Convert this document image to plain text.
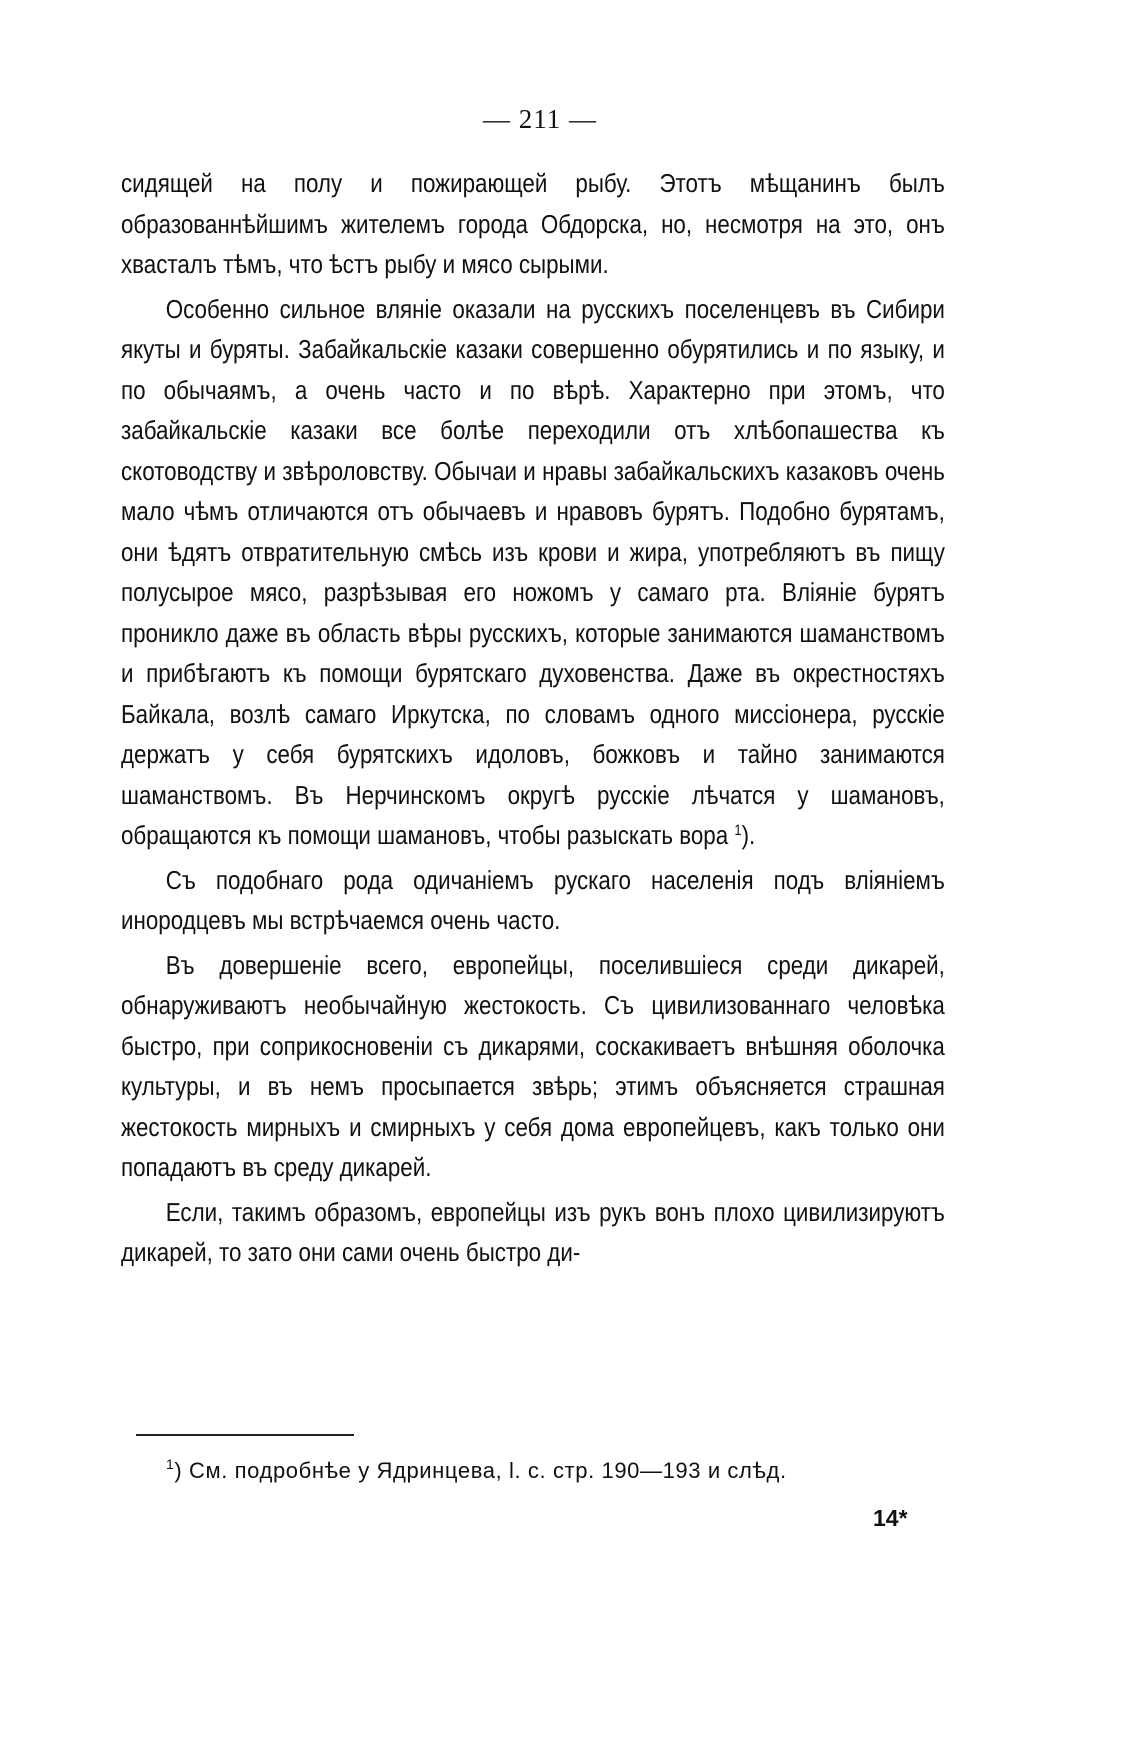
— 211 —

сидящей на полу и пожирающей рыбу. Этотъ мѣщанинъ былъ образованнѣйшимъ жителемъ города Обдорска, но, несмотря на это, онъ хвасталъ тѣмъ, что ѣстъ рыбу и мясо сырыми.

Особенно сильное вляніе оказали на русскихъ поселенцевъ въ Сибири якуты и буряты. Забайкальскіе казаки совершенно обурятились и по языку, и по обычаямъ, а очень часто и по вѣрѣ. Характерно при этомъ, что забайкальскіе казаки все болѣе переходили отъ хлѣбопашества къ скотоводству и звѣроловству. Обычаи и нравы забайкальскихъ казаковъ очень мало чѣмъ отличаются отъ обычаевъ и нравовъ бурятъ. Подобно бурятамъ, они ѣдятъ отвратительную смѣсь изъ крови и жира, употребляютъ въ пищу полусырое мясо, разрѣзывая его ножомъ у самаго рта. Вліяніе бурятъ проникло даже въ область вѣры русскихъ, которые занимаются шаманствомъ и прибѣгаютъ къ помощи бурятскаго духовенства. Даже въ окрестностяхъ Байкала, возлѣ самаго Иркутска, по словамъ одного миссіонера, русскіе держатъ у себя бурятскихъ идоловъ, божковъ и тайно занимаются шаманствомъ. Въ Нерчинскомъ округѣ русскіе лѣчатся у шамановъ, обращаются къ помощи шамановъ, чтобы разыскать вора $^1$).

Съ подобнаго рода одичаніемъ рускаго населенія подъ вліяніемъ инородцевъ мы встрѣчаемся очень часто.

Въ довершеніе всего, европейцы, поселившіеся среди дикарей, обнаруживаютъ необычайную жестокость. Съ цивилизованнаго человѣка быстро, при соприкосновеніи съ дикарями, соскакиваетъ внѣшняя оболочка культуры, и въ немъ просыпается звѣрь; этимъ объясняется страшная жестокость мирныхъ и смирныхъ у себя дома европейцевъ, какъ только они попадаютъ въ среду дикарей.

Если, такимъ образомъ, европейцы изъ рукъ вонъ плохо цивилизируютъ дикарей, то зато они сами очень быстро ди-

$^1$) См. подробнѣе у Ядринцева, l. c. стр. 190—193 и слѣд.
14*
